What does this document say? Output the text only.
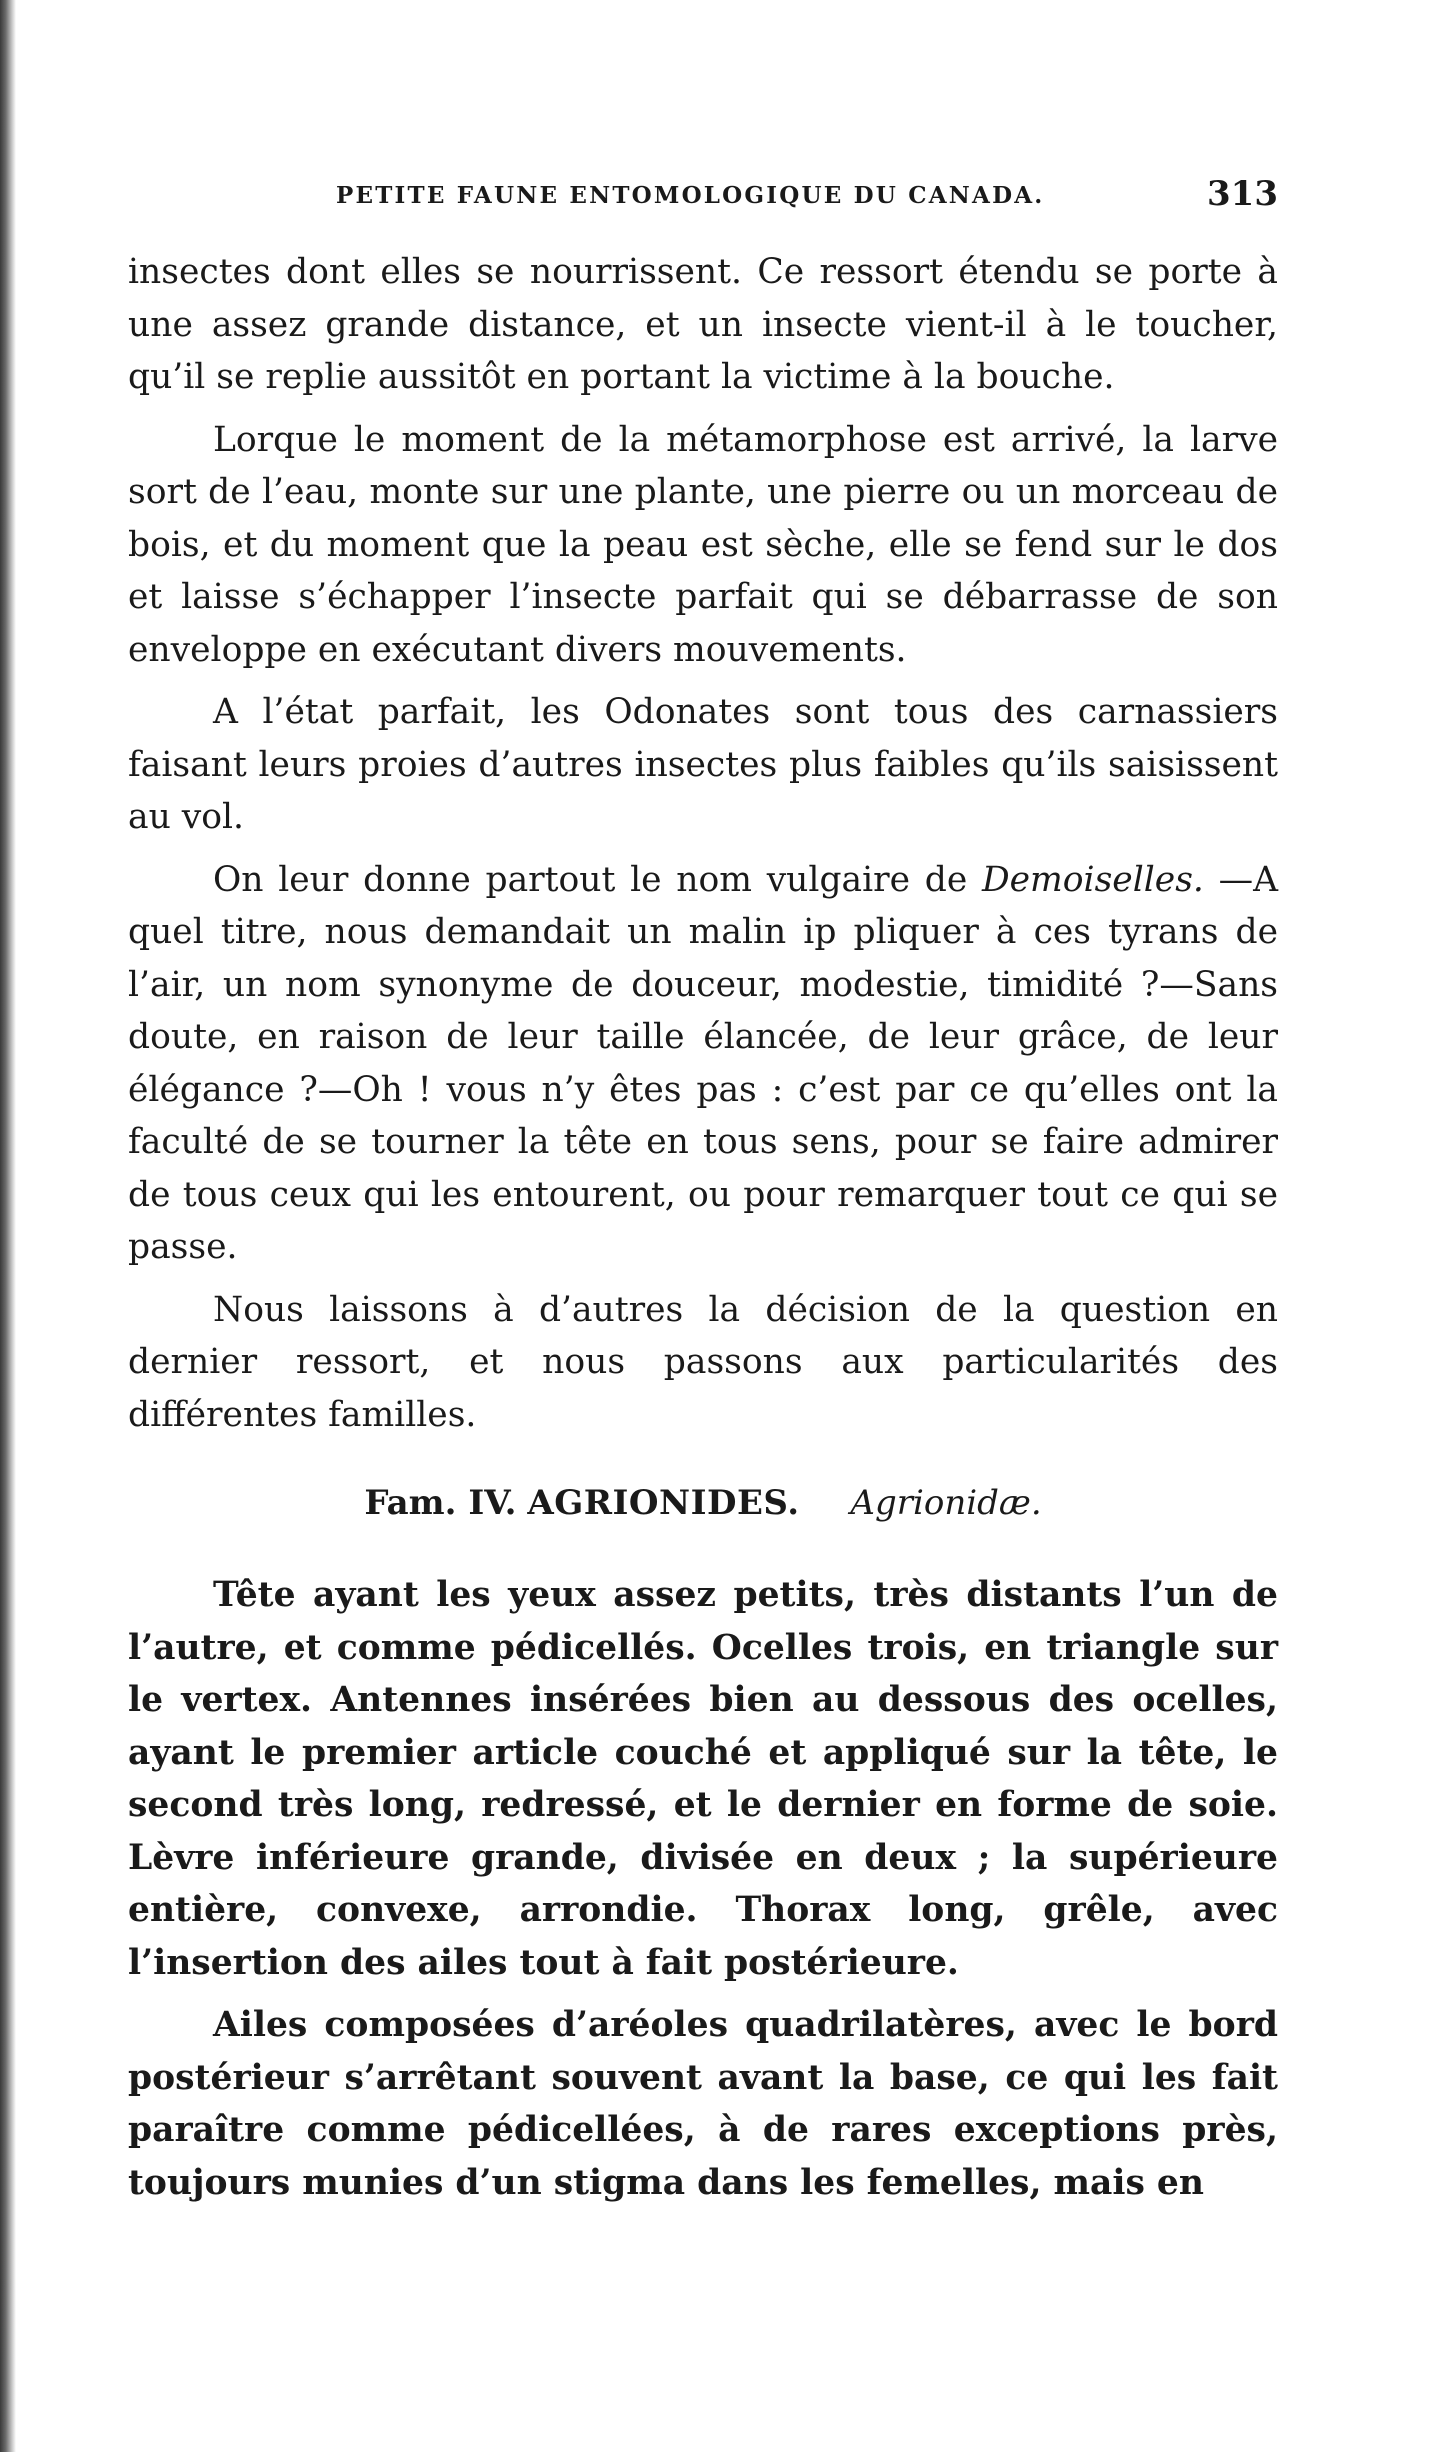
PETITE FAUNE ENTOMOLOGIQUE DU CANADA.	313

insectes dont elles se nourrissent. Ce ressort étendu se porte à une assez grande distance, et un insecte vient-il à le toucher, qu’il se replie aussitôt en portant la victime à la bouche.

Lorque le moment de la métamorphose est arrivé, la larve sort de l’eau, monte sur une plante, une pierre ou un morceau de bois, et du moment que la peau est sèche, elle se fend sur le dos et laisse s’échapper l’insecte parfait qui se débarrasse de son enveloppe en exécutant divers mouvements.

A l’état parfait, les Odonates sont tous des carnassiers faisant leurs proies d’autres insectes plus faibles qu’ils saisissent au vol.

On leur donne partout le nom vulgaire de Demoiselles. —A quel titre, nous demandait un malin ip pliquer à ces tyrans de l’air, un nom synonyme de douceur, modestie, timidité ?—Sans doute, en raison de leur taille élancée, de leur grâce, de leur élégance ?—Oh ! vous n’y êtes pas : c’est par ce qu’elles ont la faculté de se tourner la tête en tous sens, pour se faire admirer de tous ceux qui les entourent, ou pour remarquer tout ce qui se passe.

Nous laissons à d’autres la décision de la question en dernier ressort, et nous passons aux particularités des différentes familles.

Fam. IV. AGRIONIDES. Agrionidæ.

Tête ayant les yeux assez petits, très distants l’un de l’autre, et comme pédicellés. Ocelles trois, en triangle sur le vertex. Antennes insérées bien au dessous des ocelles, ayant le premier article couché et appliqué sur la tête, le second très long, redressé, et le dernier en forme de soie. Lèvre inférieure grande, divisée en deux ; la supérieure entière, convexe, arrondie. Thorax long, grêle, avec l’insertion des ailes tout à fait postérieure.

Ailes composées d’aréoles quadrilatères, avec le bord postérieur s’arrêtant souvent avant la base, ce qui les fait paraître comme pédicellées, à de rares exceptions près, toujours munies d’un stigma dans les femelles, mais en
